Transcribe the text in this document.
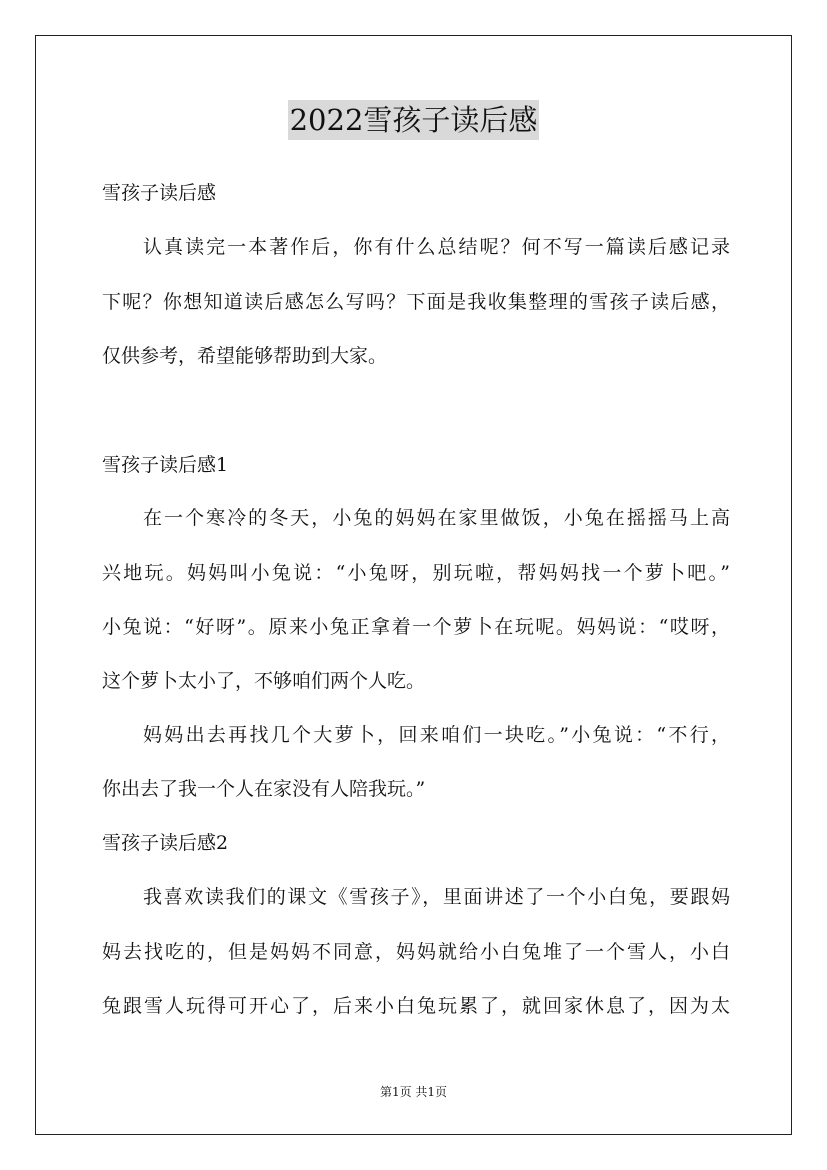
2022雪孩子读后感
雪孩子读后感
认真读完一本著作后，你有什么总结呢？何不写一篇读后感记录
下呢？你想知道读后感怎么写吗？下面是我收集整理的雪孩子读后感，
仅供参考，希望能够帮助到大家。
雪孩子读后感1
在一个寒冷的冬天，小兔的妈妈在家里做饭，小兔在摇摇马上高
兴地玩。妈妈叫小兔说：“小兔呀，别玩啦，帮妈妈找一个萝卜吧。”
小兔说：“好呀”。原来小兔正拿着一个萝卜在玩呢。妈妈说：“哎呀，
这个萝卜太小了，不够咱们两个人吃。
妈妈出去再找几个大萝卜，回来咱们一块吃。”小兔说：“不行，
你出去了我一个人在家没有人陪我玩。”
雪孩子读后感2
我喜欢读我们的课文《雪孩子》，里面讲述了一个小白兔，要跟妈
妈去找吃的，但是妈妈不同意，妈妈就给小白兔堆了一个雪人，小白
兔跟雪人玩得可开心了，后来小白兔玩累了，就回家休息了，因为太
第1页 共1页
